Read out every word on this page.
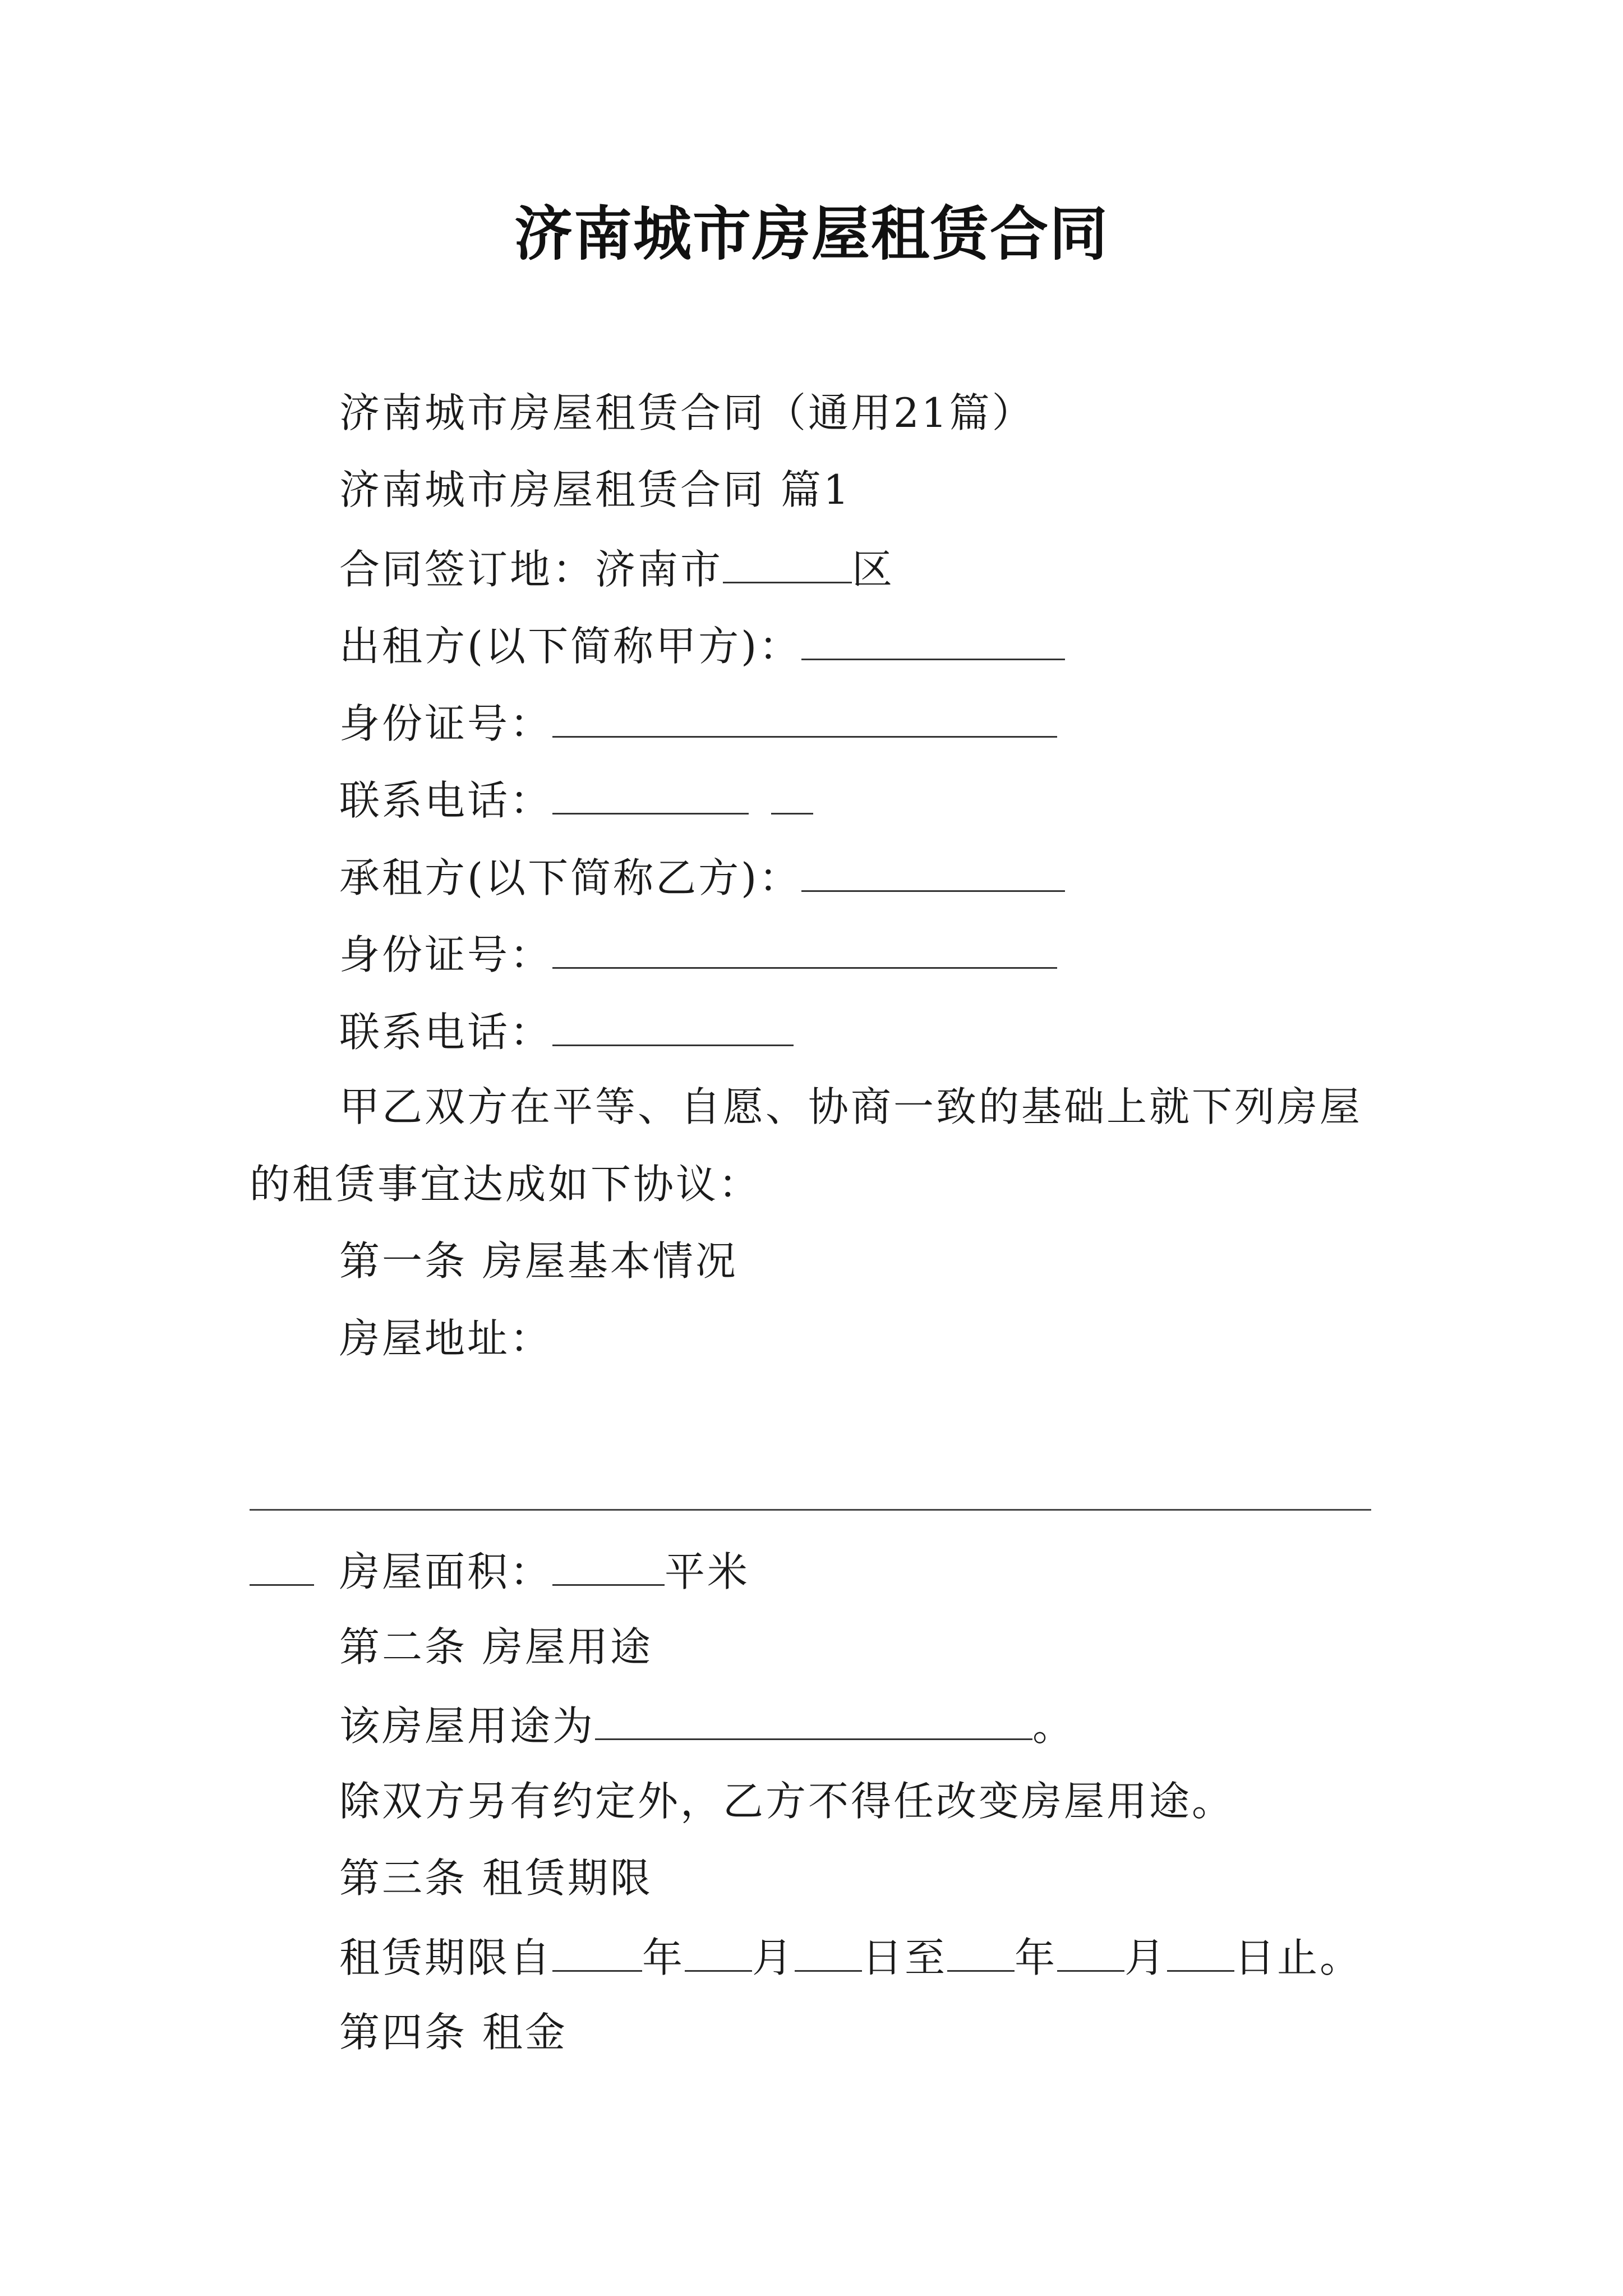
济南城市房屋租赁合同
济南城市房屋租赁合同（通用21篇）
济南城市房屋租赁合同 篇1
合同签订地：济南市	区
出租方(以下简称甲方)：
身份证号：
联系电话：
承租方(以下简称乙方)：
身份证号：
联系电话：
甲乙双方在平等、自愿、协商一致的基础上就下列房屋
的租赁事宜达成如下协议：
第一条 房屋基本情况
房屋地址：
房屋面积：	平米
第二条 房屋用途
该房屋用途为	。
除双方另有约定外，乙方不得任改变房屋用途。
第三条 租赁期限
租赁期限自 年 月 日至 年 月 日止。
第四条 租金
